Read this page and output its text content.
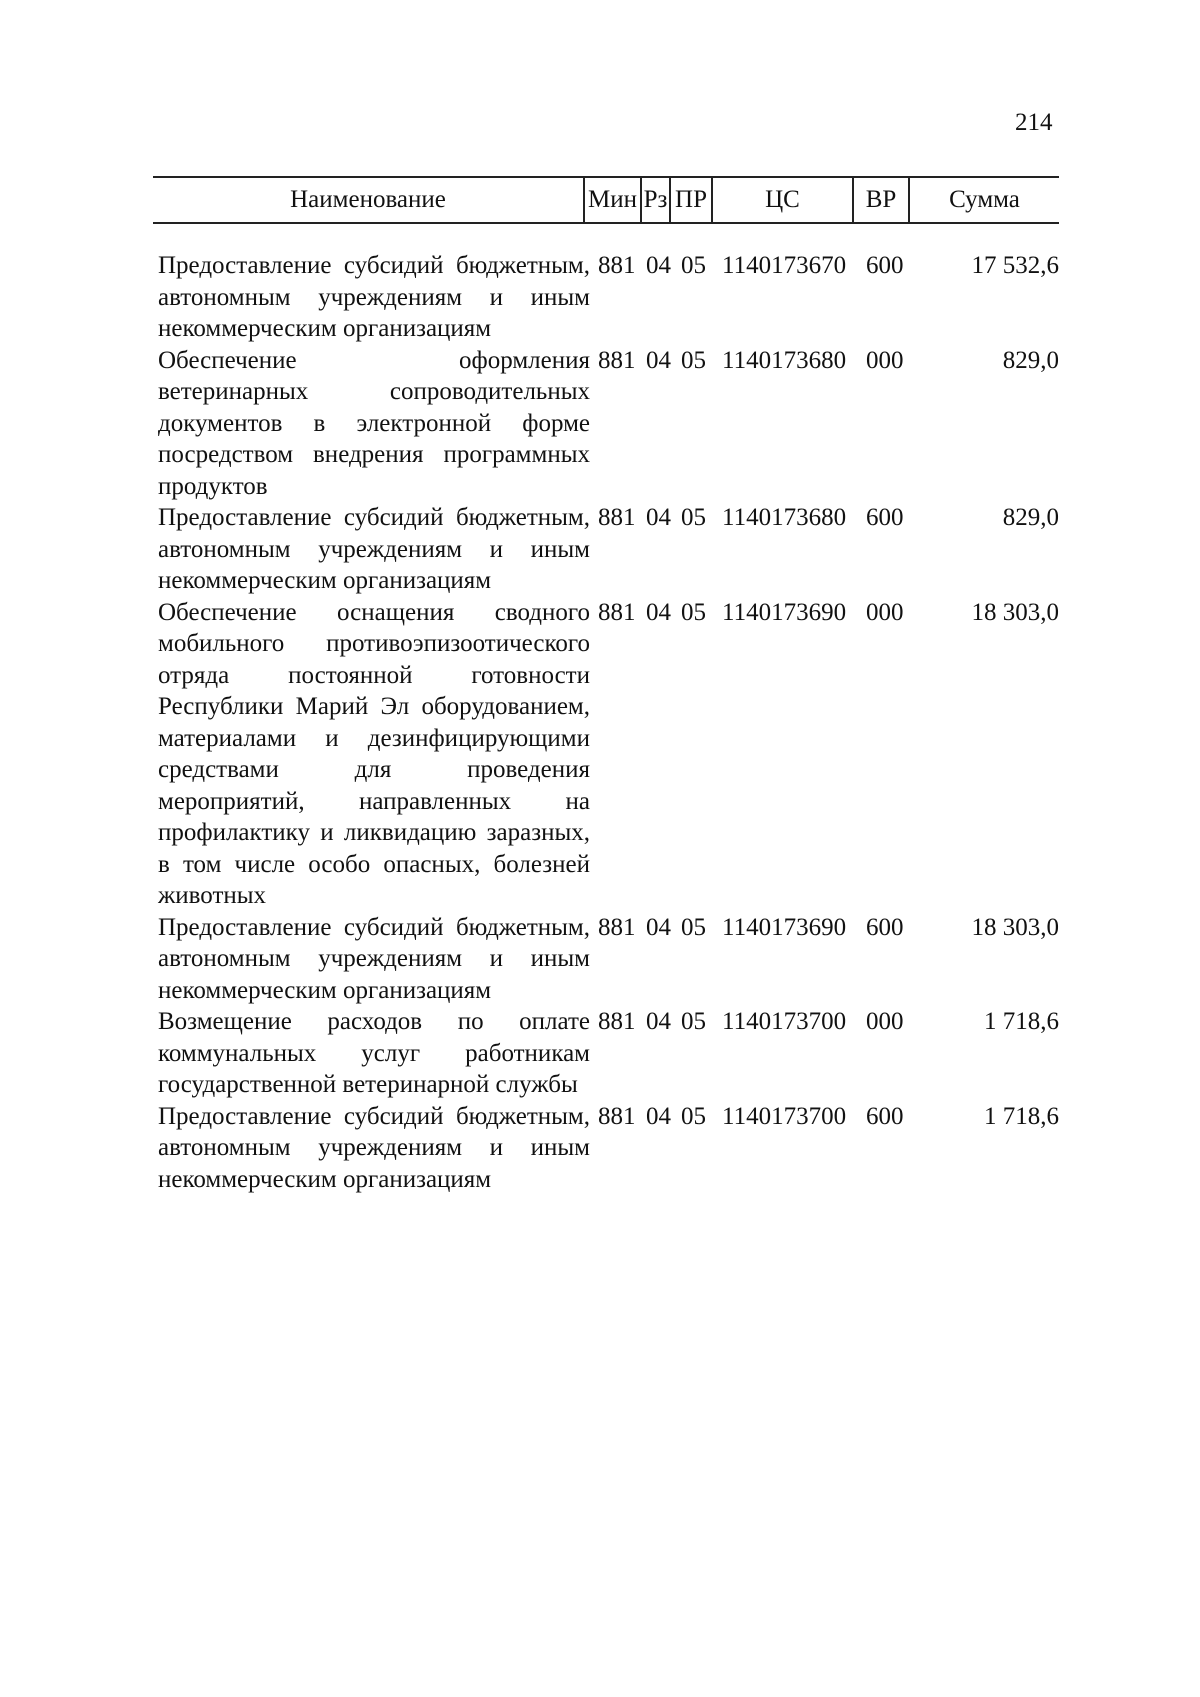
214
Наименование	Мин Рз ПР	ЦС	ВР	Сумма
Предоставление субсидий бюджетным, автономным учреждениям и иным некоммерческим организациям
881 04 05 1140173670 600	17 532,6
Обеспечение оформления ветеринарных сопроводительных документов в электронной форме посредством внедрения программных продуктов
881 04 05 1140173680 000	829,0
Предоставление субсидий бюджетным, автономным учреждениям и иным некоммерческим организациям
881 04 05 1140173680 600	829,0
Обеспечение оснащения сводного мобильного противоэпизоотического отряда постоянной готовности Республики Марий Эл оборудованием, материалами и дезинфицирующими средствами для проведения мероприятий, направленных на профилактику и ликвидацию заразных, в том числе особо опасных, болезней животных
881 04 05 1140173690 000	18 303,0
Предоставление субсидий бюджетным, автономным учреждениям и иным некоммерческим организациям
881 04 05 1140173690 600	18 303,0
Возмещение расходов по оплате коммунальных услуг работникам государственной ветеринарной службы
881 04 05 1140173700 000	1 718,6
Предоставление субсидий бюджетным, автономным учреждениям и иным некоммерческим организациям
881 04 05 1140173700 600	1 718,6
